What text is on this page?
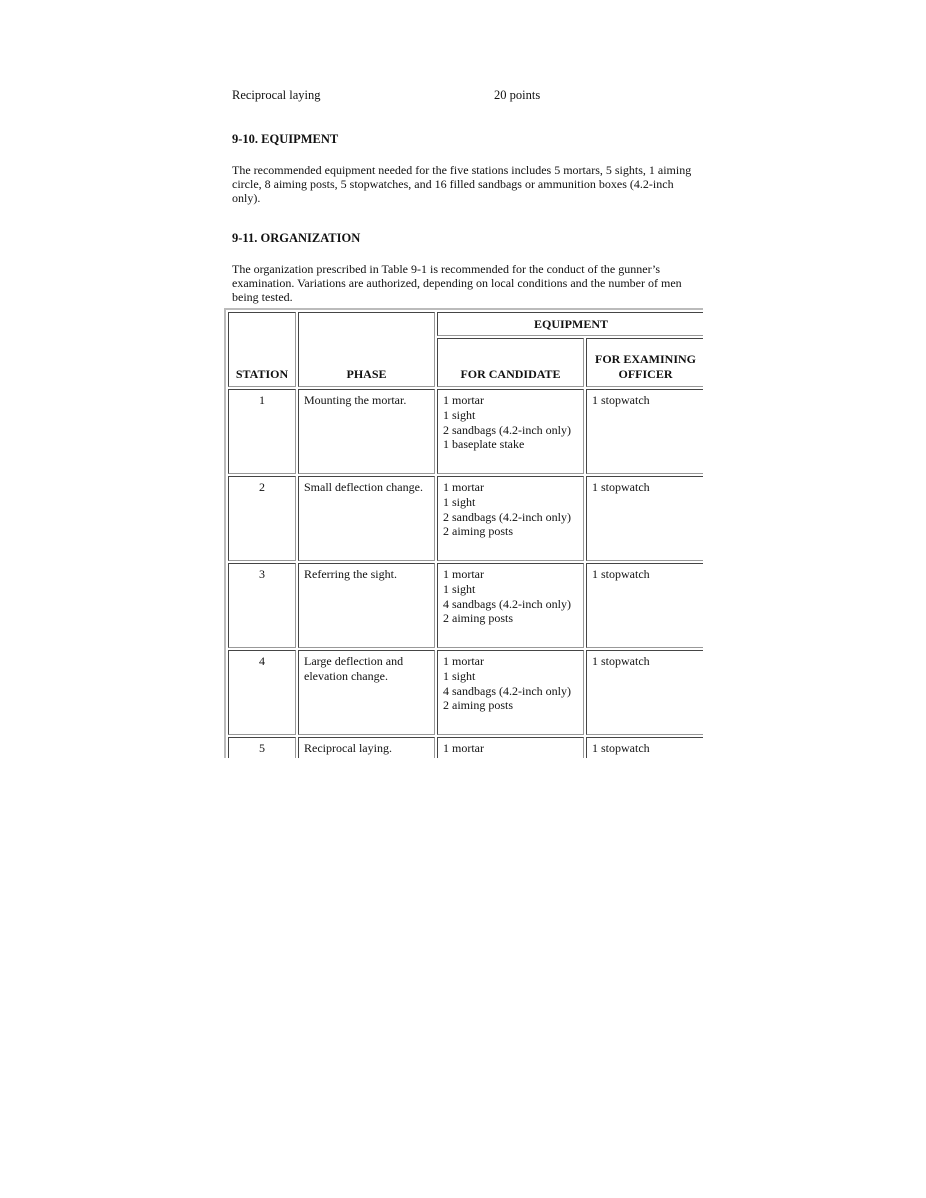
Reciprocal laying	20 points
9-10. EQUIPMENT

The recommended equipment needed for the five stations includes 5 mortars, 5 sights, 1 aiming circle, 8 aiming posts, 5 stopwatches, and 16 filled sandbags or ammunition boxes (4.2-inch only).

9-11. ORGANIZATION

The organization prescribed in Table 9-1 is recommended for the conduct of the gunner’s examination. Variations are authorized, depending on local conditions and the number of men being tested.

STATION	PHASE	EQUIPMENT	
		FOR CANDIDATE	FOR EXAMINING OFFICER
1	Mounting the mortar.	1 mortar
1 sight
2 sandbags (4.2-inch only)
1 baseplate stake	1 stopwatch
2	Small deflection change.	1 mortar
1 sight
2 sandbags (4.2-inch only)
2 aiming posts	1 stopwatch
3	Referring the sight.	1 mortar
1 sight
4 sandbags (4.2-inch only)
2 aiming posts	1 stopwatch
4	Large deflection and elevation change.	1 mortar
1 sight
4 sandbags (4.2-inch only)
2 aiming posts	1 stopwatch
5	Reciprocal laying.	1 mortar	1 stopwatch
